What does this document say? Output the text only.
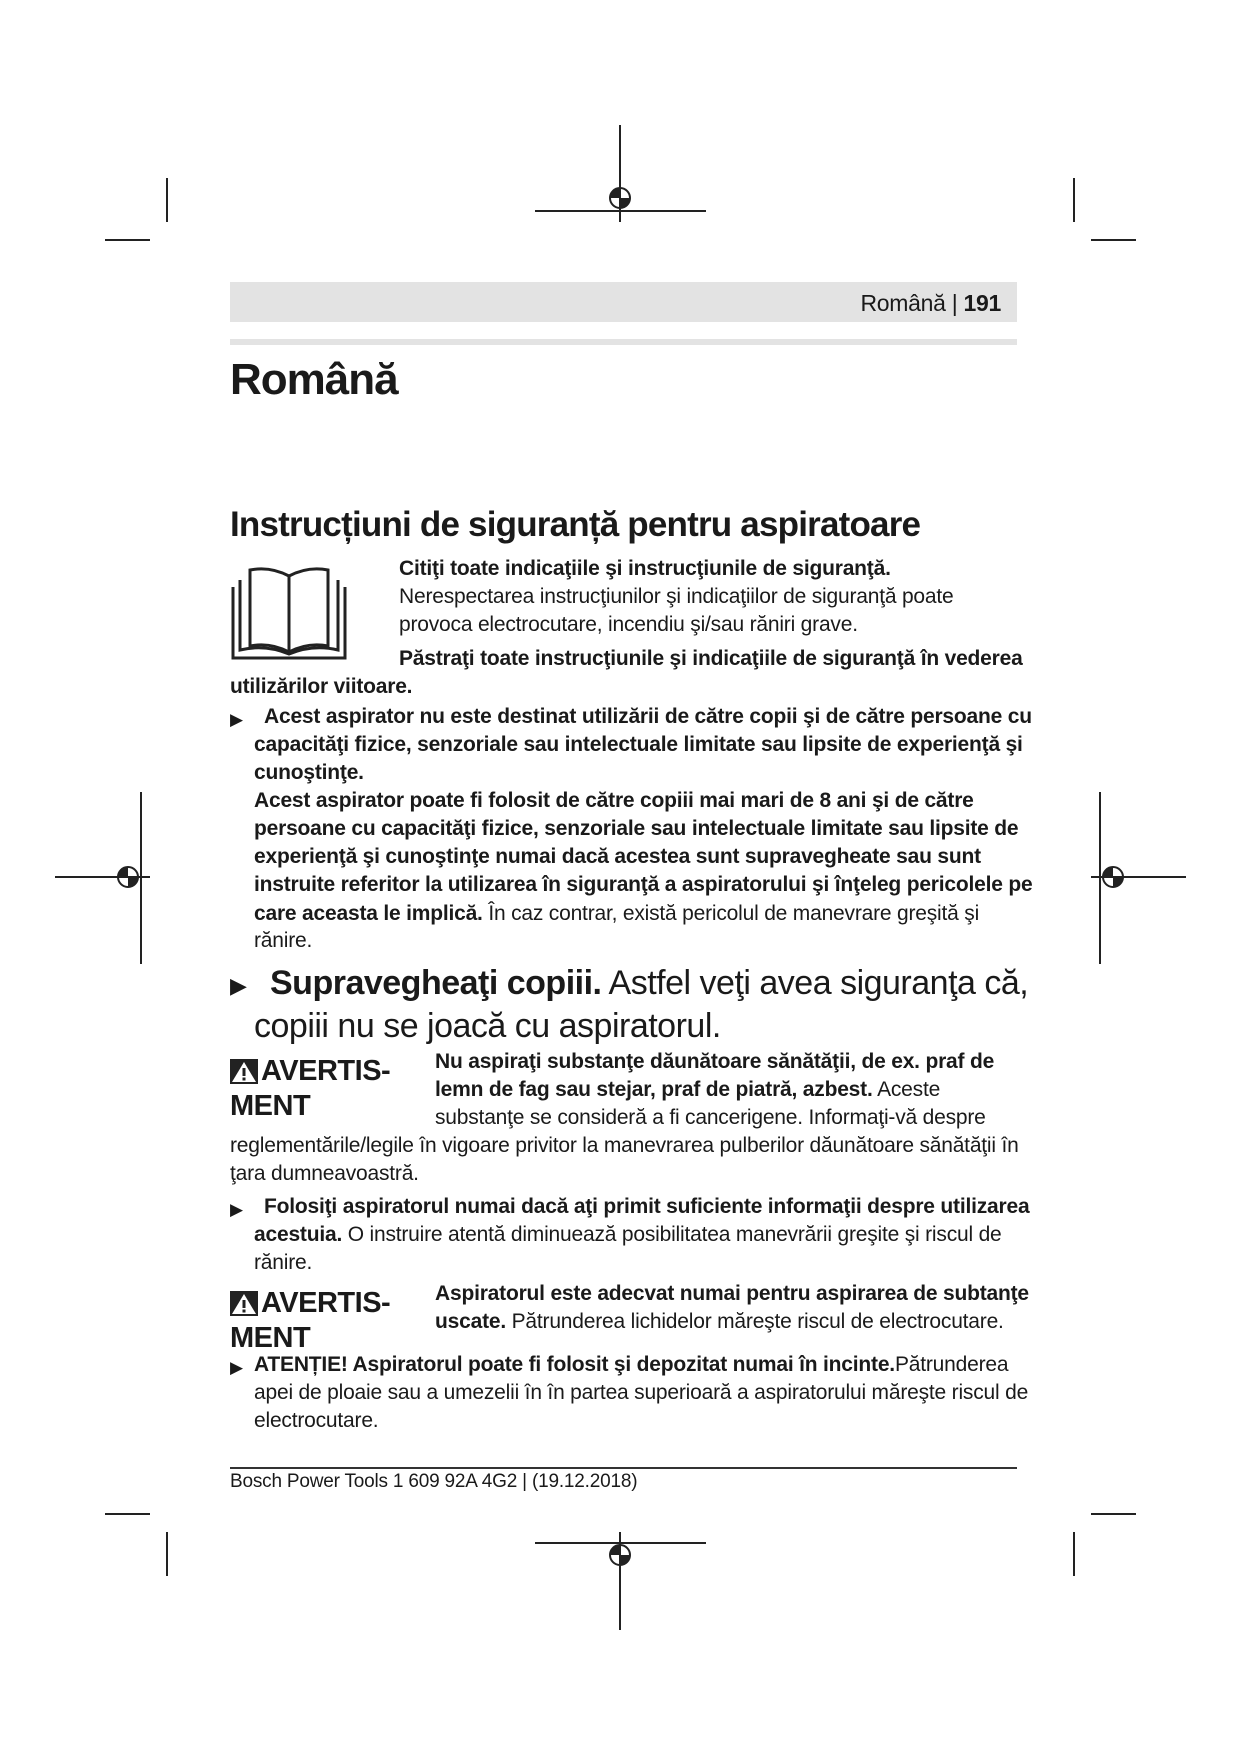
Română | 191
Română
Instrucțiuni de siguranță pentru aspiratoare
Citiţi toate indicaţiile şi instrucţiunile de siguranţă.
Nerespectarea instrucţiunilor şi indicaţiilor de siguranţă poate
provoca electrocutare, incendiu şi/sau răniri grave.
Păstraţi toate instrucţiunile şi indicaţiile de siguranţă în vederea
utilizărilor viitoare.
▶ Acest aspirator nu este destinat utilizării de către copii şi de către persoane cu
capacităţi fizice, senzoriale sau intelectuale limitate sau lipsite de experienţă şi
cunoştinţe.
Acest aspirator poate fi folosit de către copiii mai mari de 8 ani şi de către
persoane cu capacităţi fizice, senzoriale sau intelectuale limitate sau lipsite de
experienţă şi cunoştinţe numai dacă acestea sunt supravegheate sau sunt
instruite referitor la utilizarea în siguranţă a aspiratorului şi înţeleg pericolele pe
care aceasta le implică. În caz contrar, există pericolul de manevrare greşită şi
rănire.
▶ Supravegheaţi copiii. Astfel veţi avea siguranţa că,
copiii nu se joacă cu aspiratorul.
AVERTIS-
MENT
Nu aspiraţi substanţe dăunătoare sănătăţii, de ex. praf de
lemn de fag sau stejar, praf de piatră, azbest. Aceste
substanţe se consideră a fi cancerigene. Informaţi-vă despre
reglementările/legile în vigoare privitor la manevrarea pulberilor dăunătoare sănătăţii în
ţara dumneavoastră.
▶ Folosiţi aspiratorul numai dacă aţi primit suficiente informaţii despre utilizarea
acestuia. O instruire atentă diminuează posibilitatea manevrării greşite şi riscul de
rănire.
AVERTIS-
MENT
Aspiratorul este adecvat numai pentru aspirarea de subtanţe
uscate. Pătrunderea lichidelor măreşte riscul de electrocutare.
▶ ATENȚIE! Aspiratorul poate fi folosit şi depozitat numai în incinte.Pătrunderea
apei de ploaie sau a umezelii în în partea superioară a aspiratorului măreşte riscul de
electrocutare.
Bosch Power Tools 1 609 92A 4G2 | (19.12.2018)
